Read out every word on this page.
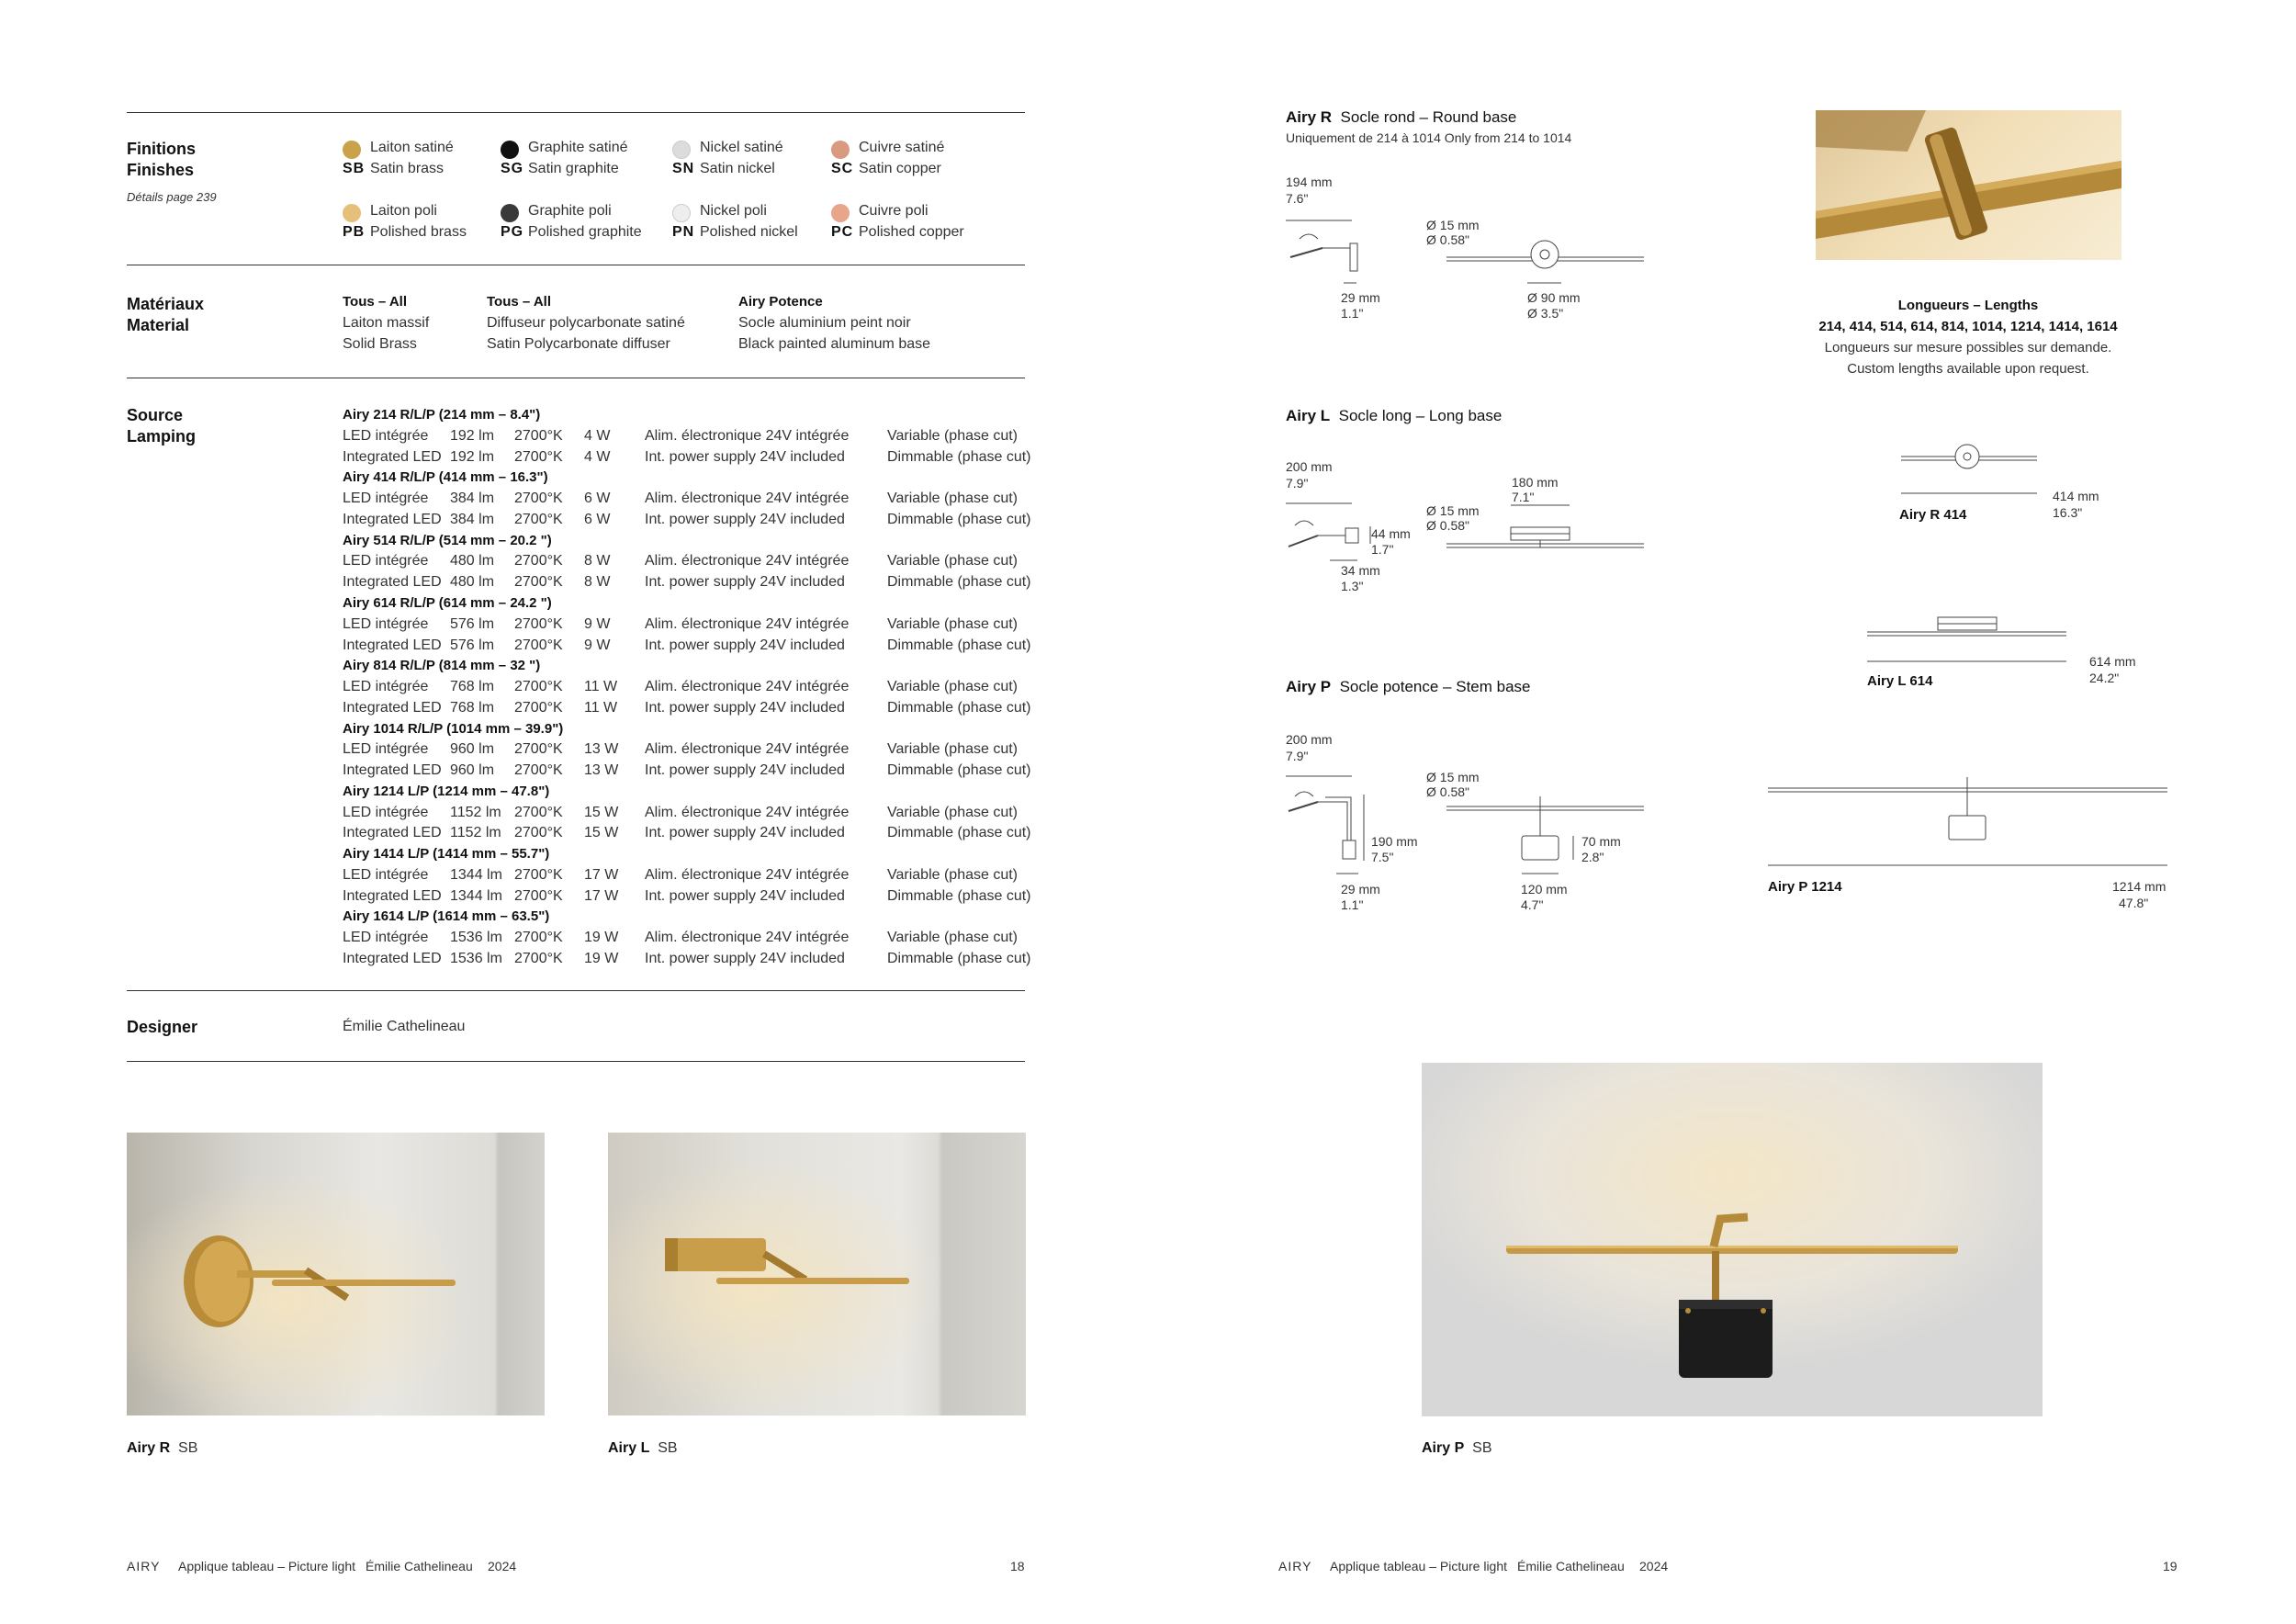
Finitions
Finishes
Détails page 239
Laiton satiné
SB Satin brass
Graphite satiné
SG Satin graphite
Nickel satiné
SN Satin nickel
Cuivre satiné
SC Satin copper
Laiton poli
PB Polished brass
Graphite poli
PG Polished graphite
Nickel poli
PN Polished nickel
Cuivre poli
PC Polished copper
Matériaux
Material
Tous – All
Laiton massif
Solid Brass
Tous – All
Diffuseur polycarbonate satiné
Satin Polycarbonate diffuser
Airy Potence
Socle aluminium peint noir
Black painted aluminum base
Source
Lamping
Airy 214 R/L/P (214 mm – 8.4")
LED intégrée 192 lm 2700°K 4 W Alim. électronique 24V intégrée	Variable (phase cut)
Integrated LED 192 lm 2700°K 4 W Int. power supply 24V included	Dimmable (phase cut)
Airy 414 R/L/P (414 mm – 16.3")
LED intégrée 384 lm 2700°K 6 W Alim. électronique 24V intégrée	Variable (phase cut)
Integrated LED 384 lm 2700°K 6 W Int. power supply 24V included	Dimmable (phase cut)
Airy 514 R/L/P (514 mm – 20.2 ")
LED intégrée 480 lm 2700°K 8 W Alim. électronique 24V intégrée	Variable (phase cut)
Integrated LED 480 lm 2700°K 8 W Int. power supply 24V included	Dimmable (phase cut)
Airy 614 R/L/P (614 mm – 24.2 ")
LED intégrée 576 lm 2700°K 9 W Alim. électronique 24V intégrée	Variable (phase cut)
Integrated LED 576 lm 2700°K 9 W Int. power supply 24V included	Dimmable (phase cut)
Airy 814 R/L/P (814 mm – 32 ")
LED intégrée 768 lm 2700°K 11 W Alim. électronique 24V intégrée	Variable (phase cut)
Integrated LED 768 lm 2700°K 11 W Int. power supply 24V included	Dimmable (phase cut)
Airy 1014 R/L/P (1014 mm – 39.9")
LED intégrée 960 lm 2700°K 13 W Alim. électronique 24V intégrée	Variable (phase cut)
Integrated LED 960 lm 2700°K 13 W Int. power supply 24V included	Dimmable (phase cut)
Airy 1214 L/P (1214 mm – 47.8")
LED intégrée 1152 lm 2700°K 15 W Alim. électronique 24V intégrée	Variable (phase cut)
Integrated LED 1152 lm 2700°K 15 W Int. power supply 24V included	Dimmable (phase cut)
Airy 1414 L/P (1414 mm – 55.7")
LED intégrée 1344 lm 2700°K 17 W Alim. électronique 24V intégrée	Variable (phase cut)
Integrated LED 1344 lm 2700°K 17 W Int. power supply 24V included	Dimmable (phase cut)
Airy 1614 L/P (1614 mm – 63.5")
LED intégrée 1536 lm 2700°K 19 W Alim. électronique 24V intégrée	Variable (phase cut)
Integrated LED 1536 lm 2700°K 19 W Int. power supply 24V included	Dimmable (phase cut)
Designer	Émilie Cathelineau
Airy R SB	Airy L SB
AIRY Applique tableau – Picture light Émilie Cathelineau 2024	18
Airy R Socle rond – Round base
Uniquement de 214 à 1014 Only from 214 to 1014
194 mm
7.6"
29 mm
1.1"
Ø 15 mm
Ø 0.58"
Ø 90 mm
Ø 3.5"	Longueurs – Lengths
214, 414, 514, 614, 814, 1014, 1214, 1414, 1614
Longueurs sur mesure possibles sur demande.
Custom lengths available upon request.
Airy L Socle long – Long base
200 mm
7.9"
44 mm
1.7"
34 mm
1.3"
Ø 15 mm
Ø 0.58"
180 mm
7.1"
Airy R 414
414 mm
16.3"
Airy L 614
614 mm
24.2"
Airy P Socle potence – Stem base
200 mm
7.9"
190 mm
7.5"
29 mm
1.1"
Ø 15 mm
Ø 0.58"
70 mm
2.8"
120 mm
4.7"
Airy P 1214	1214 mm
47.8"
Airy P SB
AIRY Applique tableau – Picture light Émilie Cathelineau 2024	19
